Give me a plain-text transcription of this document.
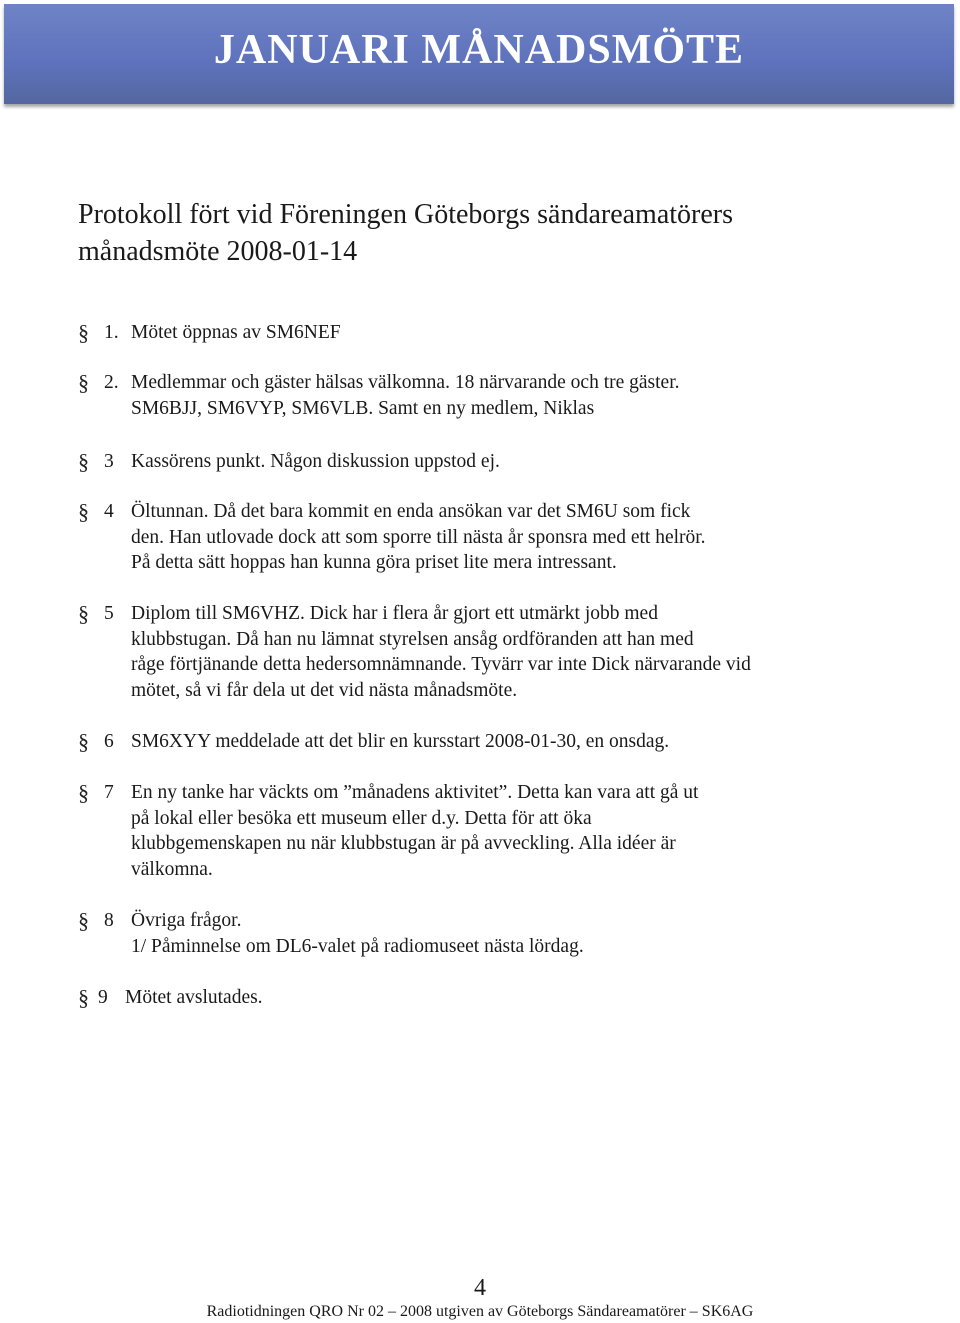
JANUARI MÅNADSMÖTE
Protokoll fört vid Föreningen Göteborgs sändareamatörers
månadsmöte 2008-01-14
§ 1. Mötet öppnas av SM6NEF
§ 2. Medlemmar och gäster hälsas välkomna. 18 närvarande och tre gäster.
SM6BJJ, SM6VYP, SM6VLB. Samt en ny medlem, Niklas
§ 3 Kassörens punkt. Någon diskussion uppstod ej.
§ 4 Öltunnan. Då det bara kommit en enda ansökan var det SM6U som fick
den. Han utlovade dock att som sporre till nästa år sponsra med ett helrör.
På detta sätt hoppas han kunna göra priset lite mera intressant.
§ 5 Diplom till SM6VHZ. Dick har i flera år gjort ett utmärkt jobb med
klubbstugan. Då han nu lämnat styrelsen ansåg ordföranden att han med
råge förtjänande detta hedersomnämnande. Tyvärr var inte Dick närvarande vid
mötet, så vi får dela ut det vid nästa månadsmöte.
§ 6 SM6XYY meddelade att det blir en kursstart 2008-01-30, en onsdag.
§ 7 En ny tanke har väckts om ”månadens aktivitet”. Detta kan vara att gå ut
på lokal eller besöka ett museum eller d.y. Detta för att öka
klubbgemenskapen nu när klubbstugan är på avveckling. Alla idéer är
välkomna.
§ 8 Övriga frågor.
1/ Påminnelse om DL6-valet på radiomuseet nästa lördag.
§ 9 Mötet avslutades.
4
Radiotidningen QRO Nr 02 – 2008 utgiven av Göteborgs Sändareamatörer – SK6AG
